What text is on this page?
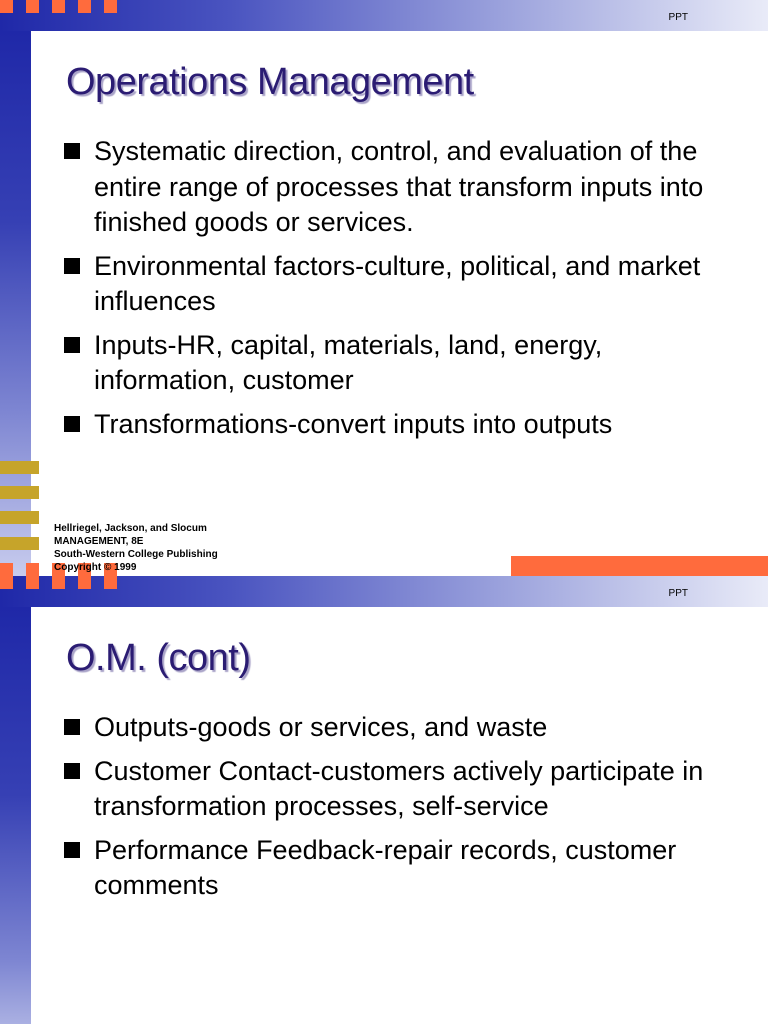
PPT
Operations Management
Systematic direction, control, and evaluation of the entire range of processes that transform inputs into finished goods or services.
Environmental factors-culture, political, and market influences
Inputs-HR, capital, materials, land, energy, information, customer
Transformations-convert inputs into outputs
Hellriegel, Jackson, and Slocum
MANAGEMENT, 8E
South-Western College Publishing
Copyright © 1999
PPT
O.M. (cont)
Outputs-goods or services, and waste
Customer Contact-customers actively participate in transformation processes, self-service
Performance Feedback-repair records, customer comments
